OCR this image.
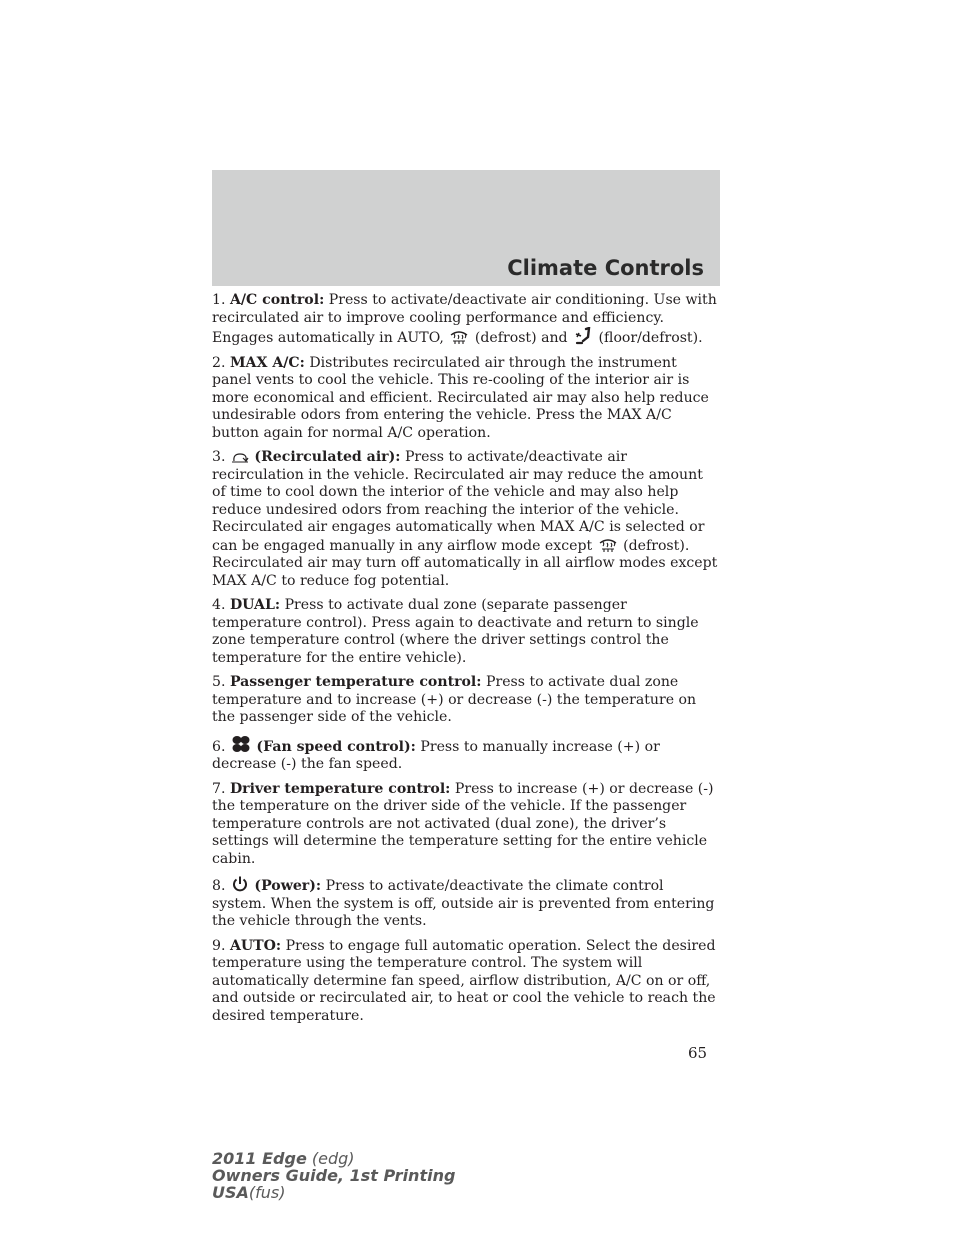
Climate Controls

1. A/C control: Press to activate/deactivate air conditioning. Use with recirculated air to improve cooling performance and efficiency. Engages automatically in AUTO, (defrost) and (floor/defrost).

2. MAX A/C: Distributes recirculated air through the instrument panel vents to cool the vehicle. This re-cooling of the interior air is more economical and efficient. Recirculated air may also help reduce undesirable odors from entering the vehicle. Press the MAX A/C button again for normal A/C operation.

3. (Recirculated air): Press to activate/deactivate air recirculation in the vehicle. Recirculated air may reduce the amount of time to cool down the interior of the vehicle and may also help reduce undesired odors from reaching the interior of the vehicle. Recirculated air engages automatically when MAX A/C is selected or can be engaged manually in any airflow mode except (defrost). Recirculated air may turn off automatically in all airflow modes except MAX A/C to reduce fog potential.

4. DUAL: Press to activate dual zone (separate passenger temperature control). Press again to deactivate and return to single zone temperature control (where the driver settings control the temperature for the entire vehicle).

5. Passenger temperature control: Press to activate dual zone temperature and to increase (+) or decrease (-) the temperature on the passenger side of the vehicle.

6. (Fan speed control): Press to manually increase (+) or decrease (-) the fan speed.

7. Driver temperature control: Press to increase (+) or decrease (-) the temperature on the driver side of the vehicle. If the passenger temperature controls are not activated (dual zone), the driver’s settings will determine the temperature setting for the entire vehicle cabin.

8. (Power): Press to activate/deactivate the climate control system. When the system is off, outside air is prevented from entering the vehicle through the vents.

9. AUTO: Press to engage full automatic operation. Select the desired temperature using the temperature control. The system will automatically determine fan speed, airflow distribution, A/C on or off, and outside or recirculated air, to heat or cool the vehicle to reach the desired temperature.

65
2011 Edge (edg)
Owners Guide, 1st Printing
USA(fus)
